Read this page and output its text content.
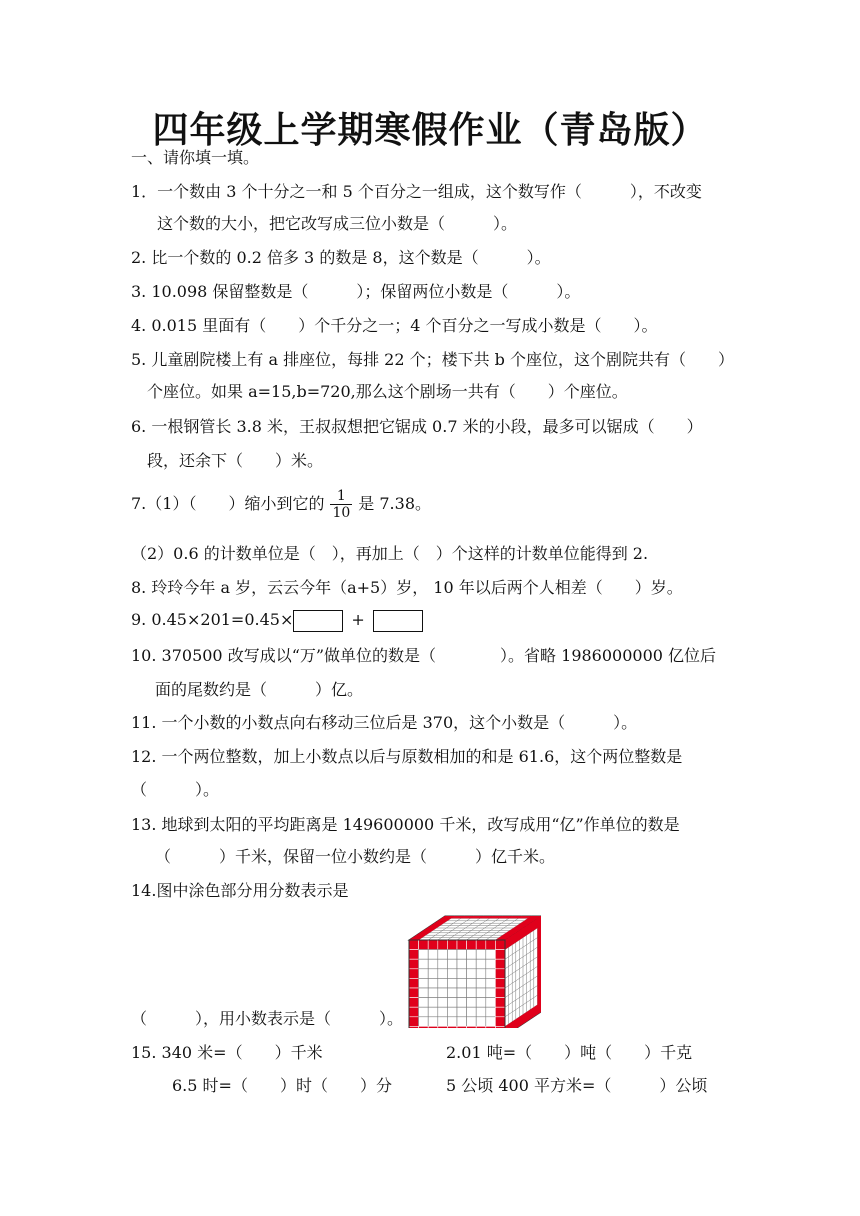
四年级上学期寒假作业（青岛版）
一、请你填一填。
1．一个数由 3 个十分之一和 5 个百分之一组成，这个数写作（　　　），不改变
这个数的大小，把它改写成三位小数是（　　　）。
2. 比一个数的 0.2 倍多 3 的数是 8，这个数是（　　　）。
3. 10.098 保留整数是（　　　）；保留两位小数是（　　　）。
4. 0.015 里面有（　　）个千分之一；4 个百分之一写成小数是（　　）。
5. 儿童剧院楼上有 a 排座位，每排 22 个；楼下共 b 个座位，这个剧院共有（　　）
个座位。如果 a=15,b=720,那么这个剧场一共有（　　）个座位。
6. 一根钢管长 3.8 米，王叔叔想把它锯成 0.7 米的小段，最多可以锯成（　　）
段，还余下（　　）米。
7.（1）（　　）缩小到它的 $\frac{1}{10}$ 是 7.38。
（2）0.6 的计数单位是（　），再加上（　）个这样的计数单位能得到 2.
8. 玲玲今年 a 岁，云云今年（a+5）岁， 10 年以后两个人相差（　　）岁。
9. 0.45×201=0.45×	+
10. 370500 改写成以“万”做单位的数是（　　　　）。省略 1986000000 亿位后
面的尾数约是（　　　）亿。
11. 一个小数的小数点向右移动三位后是 370，这个小数是（　　　）。
12. 一个两位整数，加上小数点以后与原数相加的和是 61.6，这个两位整数是
（　　　）。
13. 地球到太阳的平均距离是 149600000 千米，改写成用“亿”作单位的数是
（　　　）千米，保留一位小数约是（　　　）亿千米。
14.图中涂色部分用分数表示是
（　　　），用小数表示是（　　　）。
15. 340 米=（　　）千米	2.01 吨=（　　）吨（　　）千克
6.5 时=（　　）时（　　）分	5 公顷 400 平方米=（　　　）公顷
